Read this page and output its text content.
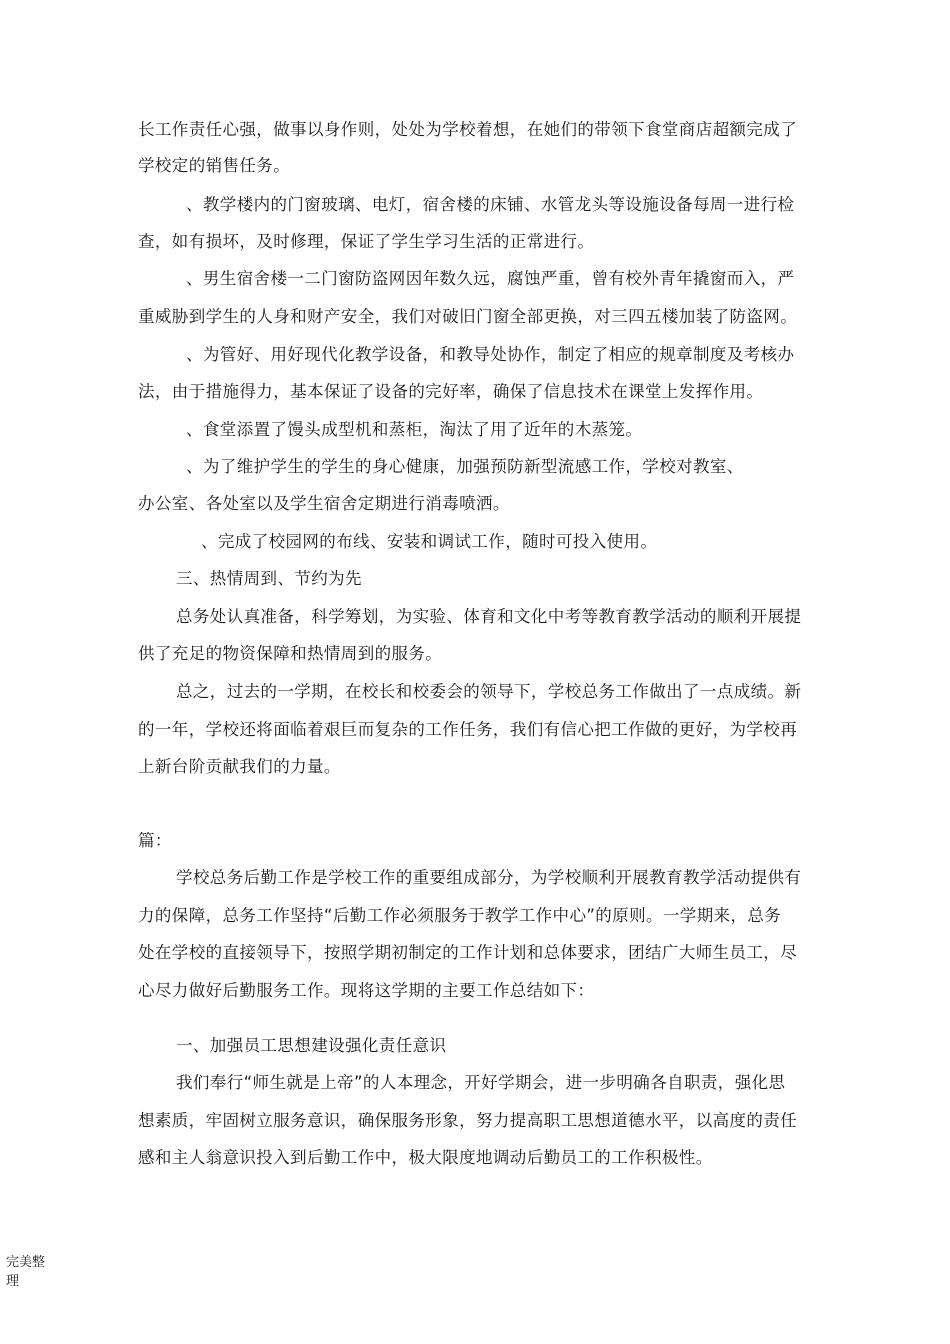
长工作责任心强，做事以身作则，处处为学校着想，在她们的带领下食堂商店超额完成了
学校定的销售任务。
、教学楼内的门窗玻璃、电灯，宿舍楼的床铺、水管龙头等设施设备每周一进行检
查，如有损坏，及时修理，保证了学生学习生活的正常进行。
、男生宿舍楼一二门窗防盗网因年数久远，腐蚀严重，曾有校外青年撬窗而入，严
重威胁到学生的人身和财产安全，我们对破旧门窗全部更换，对三四五楼加装了防盗网。
、为管好、用好现代化教学设备，和教导处协作，制定了相应的规章制度及考核办
法，由于措施得力，基本保证了设备的完好率，确保了信息技术在课堂上发挥作用。
、食堂添置了馒头成型机和蒸柜，淘汰了用了近年的木蒸笼。
、为了维护学生的学生的身心健康，加强预防新型流感工作，学校对教室、
办公室、各处室以及学生宿舍定期进行消毒喷洒。
、完成了校园网的布线、安装和调试工作，随时可投入使用。
三、热情周到、节约为先
总务处认真准备，科学筹划，为实验、体育和文化中考等教育教学活动的顺利开展提
供了充足的物资保障和热情周到的服务。
总之，过去的一学期，在校长和校委会的领导下，学校总务工作做出了一点成绩。新
的一年，学校还将面临着艰巨而复杂的工作任务，我们有信心把工作做的更好，为学校再
上新台阶贡献我们的力量。
篇：
学校总务后勤工作是学校工作的重要组成部分，为学校顺利开展教育教学活动提供有
力的保障，总务工作坚持“后勤工作必须服务于教学工作中心”的原则。一学期来，总务
处在学校的直接领导下，按照学期初制定的工作计划和总体要求，团结广大师生员工，尽
心尽力做好后勤服务工作。现将这学期的主要工作总结如下：
一、加强员工思想建设强化责任意识
我们奉行“师生就是上帝”的人本理念，开好学期会，进一步明确各自职责，强化思
想素质，牢固树立服务意识，确保服务形象，努力提高职工思想道德水平，以高度的责任
感和主人翁意识投入到后勤工作中，极大限度地调动后勤员工的工作积极性。
完美整理
